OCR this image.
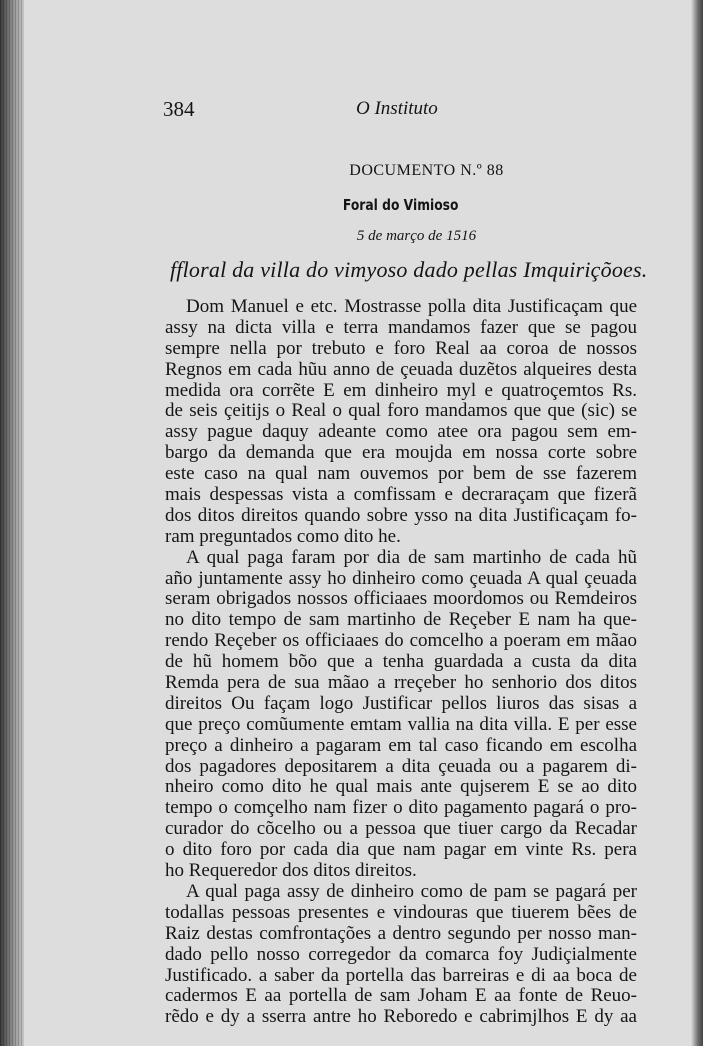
384	O Instituto
DOCUMENTO N.º 88
Foral do Vimioso
5 de março de 1516
ffloral da villa do vimyoso dado pellas Imquiriçõoes.
Dom Manuel e etc. Mostrasse polla dita Justificaçam que
assy na dicta villa e terra mandamos fazer que se pagou
sempre nella por trebuto e foro Real aa coroa de nossos
Regnos em cada hũu anno de çeuada duzẽtos alqueires desta
medida ora corrẽte E em dinheiro myl e quatroçemtos Rs.
de seis çeitijs o Real o qual foro mandamos que que (sic) se
assy pague daquy adeante como atee ora pagou sem em-
bargo da demanda que era moujda em nossa corte sobre
este caso na qual nam ouvemos por bem de sse fazerem
mais despessas vista a comfissam e decraraçam que fizerã
dos ditos direitos quando sobre ysso na dita Justificaçam fo-
ram preguntados como dito he.
A qual paga faram por dia de sam martinho de cada hũ
año juntamente assy ho dinheiro como çeuada A qual çeuada
seram obrigados nossos officiaaes moordomos ou Remdeiros
no dito tempo de sam martinho de Reçeber E nam ha que-
rendo Reçeber os officiaaes do comcelho a poeram em mãao
de hũ homem bõo que a tenha guardada a custa da dita
Remda pera de sua mãao a rreçeber ho senhorio dos ditos
direitos Ou façam logo Justificar pellos liuros das sisas a
que preço comũumente emtam vallia na dita villa. E per esse
preço a dinheiro a pagaram em tal caso ficando em escolha
dos pagadores depositarem a dita çeuada ou a pagarem di-
nheiro como dito he qual mais ante qujserem E se ao dito
tempo o comçelho nam fizer o dito pagamento pagará o pro-
curador do cõcelho ou a pessoa que tiuer cargo da Recadar
o dito foro por cada dia que nam pagar em vinte Rs. pera
ho Requeredor dos ditos direitos.
A qual paga assy de dinheiro como de pam se pagará per
todallas pessoas presentes e vindouras que tiuerem bẽes de
Raiz destas comfrontações a dentro segundo per nosso man-
dado pello nosso corregedor da comarca foy Judiçialmente
Justificado. a saber da portella das barreiras e di aa boca de
cadermos E aa portella de sam Joham E aa fonte de Reuo-
rẽdo e dy a sserra antre ho Reboredo e cabrimjlhos E dy aa
